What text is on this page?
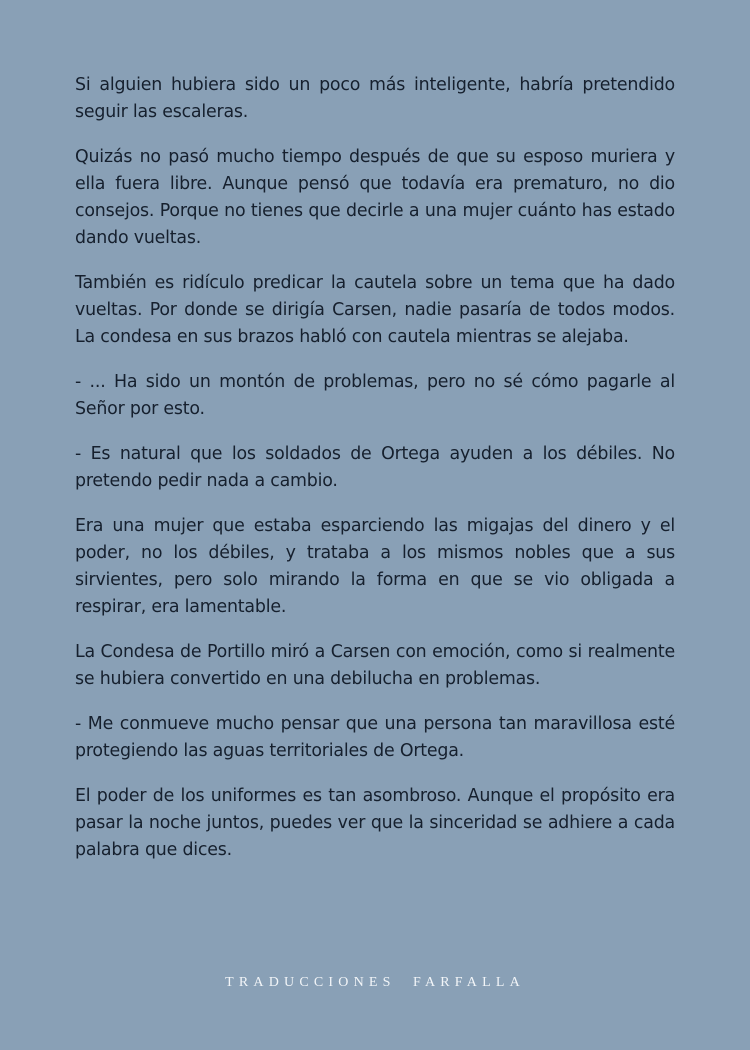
Si alguien hubiera sido un poco más inteligente, habría pretendido seguir las escaleras.

Quizás no pasó mucho tiempo después de que su esposo muriera y ella fuera libre. Aunque pensó que todavía era prematuro, no dio consejos. Porque no tienes que decirle a una mujer cuánto has estado dando vueltas.

También es ridículo predicar la cautela sobre un tema que ha dado vueltas. Por donde se dirigía Carsen, nadie pasaría de todos modos. La condesa en sus brazos habló con cautela mientras se alejaba.

- ... Ha sido un montón de problemas, pero no sé cómo pagarle al Señor por esto.

- Es natural que los soldados de Ortega ayuden a los débiles. No pretendo pedir nada a cambio.

Era una mujer que estaba esparciendo las migajas del dinero y el poder, no los débiles, y trataba a los mismos nobles que a sus sirvientes, pero solo mirando la forma en que se vio obligada a respirar, era lamentable.

La Condesa de Portillo miró a Carsen con emoción, como si realmente se hubiera convertido en una debilucha en problemas.

- Me conmueve mucho pensar que una persona tan maravillosa esté protegiendo las aguas territoriales de Ortega.

El poder de los uniformes es tan asombroso. Aunque el propósito era pasar la noche juntos, puedes ver que la sinceridad se adhiere a cada palabra que dices.

TRADUCCIONES  FARFALLA
